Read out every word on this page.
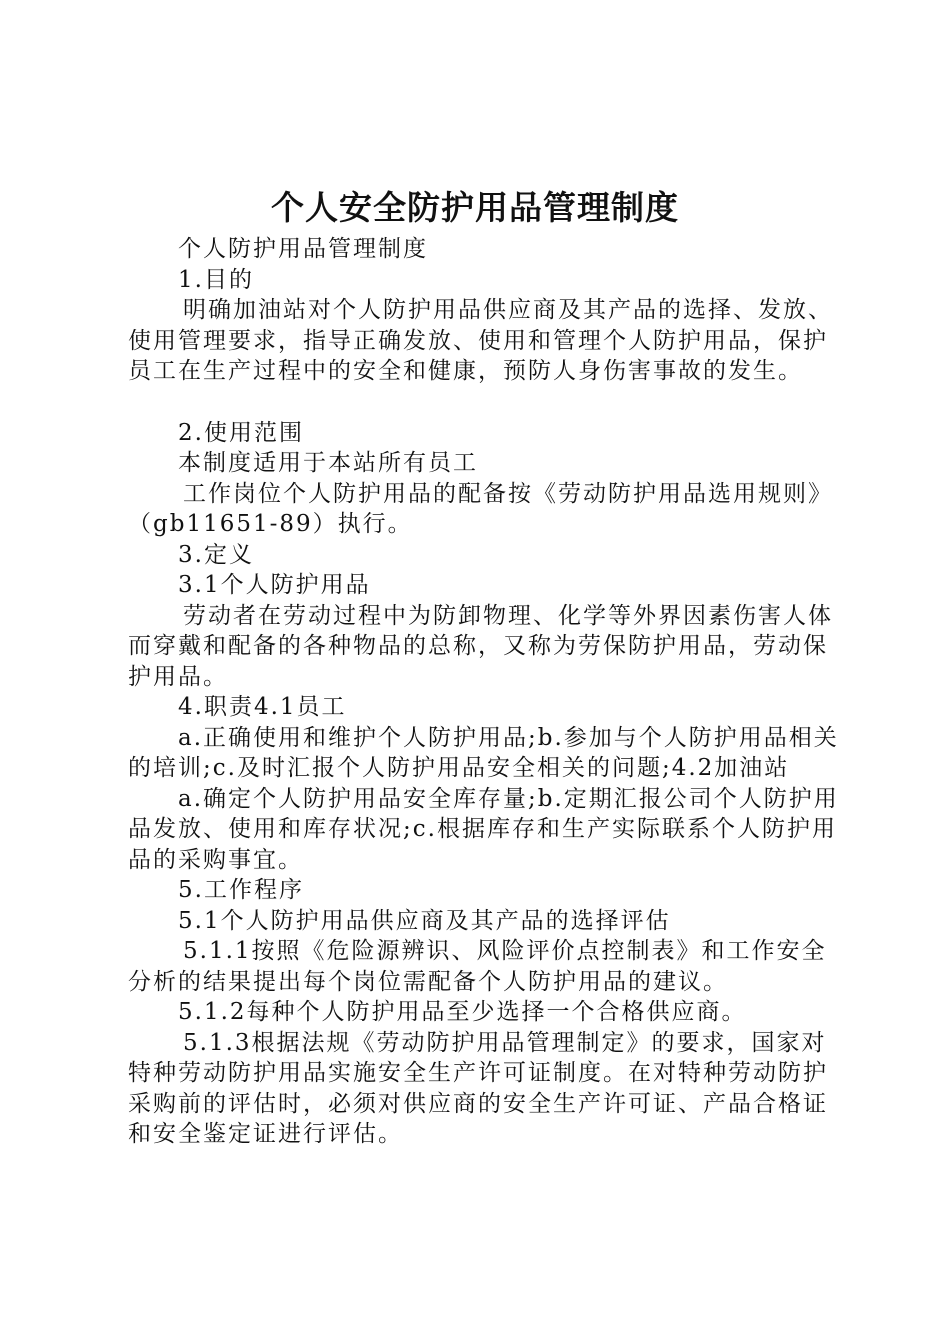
个人安全防护用品管理制度

个人防护用品管理制度

1.目的

明确加油站对个人防护用品供应商及其产品的选择、发放、使用管理要求，指导正确发放、使用和管理个人防护用品，保护员工在生产过程中的安全和健康，预防人身伤害事故的发生。

2.使用范围

本制度适用于本站所有员工

工作岗位个人防护用品的配备按《劳动防护用品选用规则》（gb11651-89）执行。

3.定义

3.1个人防护用品

劳动者在劳动过程中为防卸物理、化学等外界因素伤害人体而穿戴和配备的各种物品的总称，又称为劳保防护用品，劳动保护用品。

4.职责4.1员工

a.正确使用和维护个人防护用品;b.参加与个人防护用品相关的培训;c.及时汇报个人防护用品安全相关的问题;4.2加油站

a.确定个人防护用品安全库存量;b.定期汇报公司个人防护用品发放、使用和库存状况;c.根据库存和生产实际联系个人防护用品的采购事宜。

5.工作程序

5.1个人防护用品供应商及其产品的选择评估

5.1.1按照《危险源辨识、风险评价点控制表》和工作安全分析的结果提出每个岗位需配备个人防护用品的建议。

5.1.2每种个人防护用品至少选择一个合格供应商。

5.1.3根据法规《劳动防护用品管理制定》的要求，国家对特种劳动防护用品实施安全生产许可证制度。在对特种劳动防护采购前的评估时，必须对供应商的安全生产许可证、产品合格证和安全鉴定证进行评估。
